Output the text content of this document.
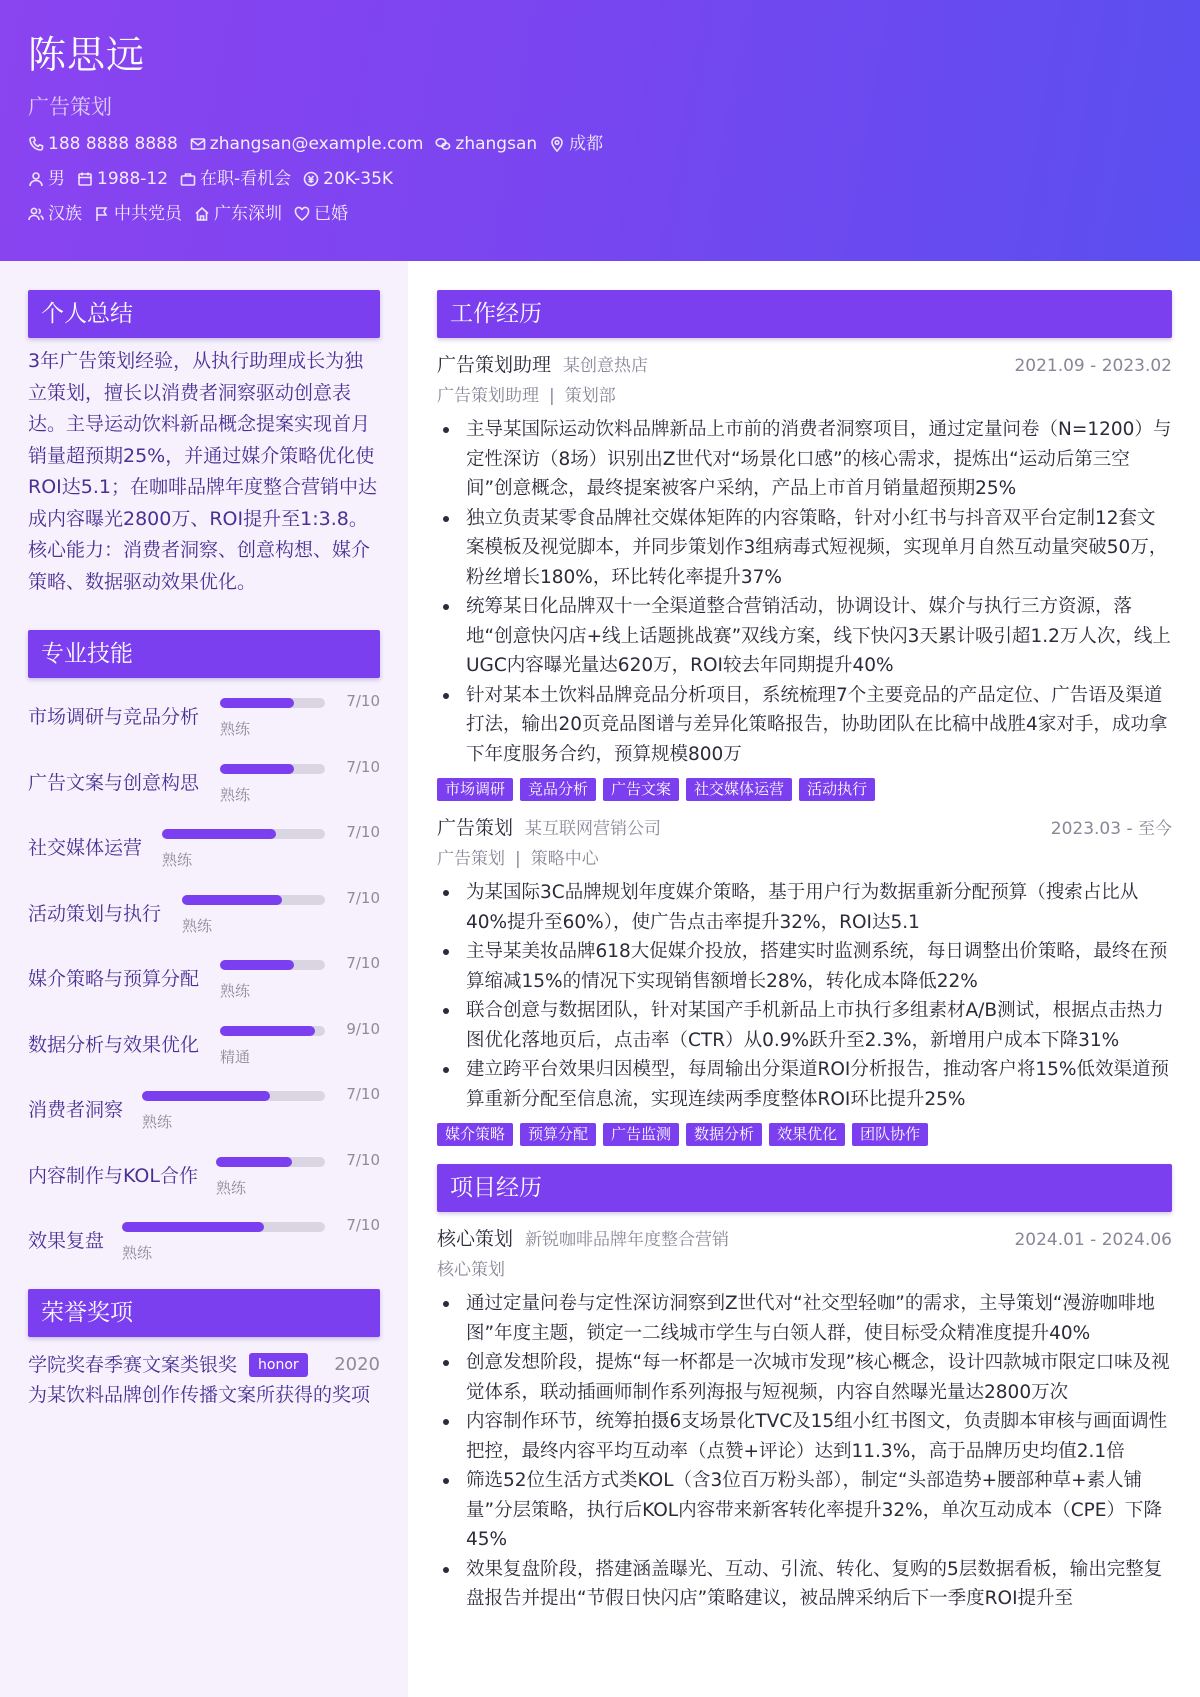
陈思远
广告策划
188 8888 8888 zhangsan@example.com zhangsan 成都
男 1988-12 在职-看机会 20K-35K
汉族 中共党员 广东深圳 已婚
个人总结
3年广告策划经验，从执行助理成长为独立策划，擅长以消费者洞察驱动创意表达。主导运动饮料新品概念提案实现首月销量超预期25%，并通过媒介策略优化使ROI达5.1；在咖啡品牌年度整合营销中达成内容曝光2800万、ROI提升至1:3.8。核心能力：消费者洞察、创意构想、媒介策略、数据驱动效果优化。
专业技能
市场调研与竞品分析
7/10
熟练
广告文案与创意构思
7/10
熟练
社交媒体运营
7/10
熟练
活动策划与执行
7/10
熟练
媒介策略与预算分配
7/10
熟练
数据分析与效果优化
9/10
精通
消费者洞察
7/10
熟练
内容制作与KOL合作
7/10
熟练
效果复盘
7/10
熟练
荣誉奖项
学院奖春季赛文案类银奖	honor	2020
为某饮料品牌创作传播文案所获得的奖项
工作经历
广告策划助理 某创意热店	2021.09 - 2023.02
广告策划助理 | 策划部
主导某国际运动饮料品牌新品上市前的消费者洞察项目，通过定量问卷（N=1200）与定性深访（8场）识别出Z世代对“场景化口感”的核心需求，提炼出“运动后第三空间”创意概念，最终提案被客户采纳，产品上市首月销量超预期25%
独立负责某零食品牌社交媒体矩阵的内容策略，针对小红书与抖音双平台定制12套文案模板及视觉脚本，并同步策划作3组病毒式短视频，实现单月自然互动量突破50万，粉丝增长180%，环比转化率提升37%
统筹某日化品牌双十一全渠道整合营销活动，协调设计、媒介与执行三方资源，落地“创意快闪店+线上话题挑战赛”双线方案，线下快闪3天累计吸引超1.2万人次，线上UGC内容曝光量达620万，ROI较去年同期提升40%
针对某本土饮料品牌竞品分析项目，系统梳理7个主要竞品的产品定位、广告语及渠道打法，输出20页竞品图谱与差异化策略报告，协助团队在比稿中战胜4家对手，成功拿下年度服务合约，预算规模800万
市场调研	竞品分析	广告文案	社交媒体运营	活动执行
广告策划 某互联网营销公司	2023.03 - 至今
广告策划 | 策略中心
为某国际3C品牌规划年度媒介策略，基于用户行为数据重新分配预算（搜索占比从40%提升至60%），使广告点击率提升32%，ROI达5.1
主导某美妆品牌618大促媒介投放，搭建实时监测系统，每日调整出价策略，最终在预算缩减15%的情况下实现销售额增长28%，转化成本降低22%
联合创意与数据团队，针对某国产手机新品上市执行多组素材A/B测试，根据点击热力图优化落地页后，点击率（CTR）从0.9%跃升至2.3%，新增用户成本下降31%
建立跨平台效果归因模型，每周输出分渠道ROI分析报告，推动客户将15%低效渠道预算重新分配至信息流，实现连续两季度整体ROI环比提升25%
媒介策略	预算分配	广告监测	数据分析	效果优化	团队协作
项目经历
核心策划 新锐咖啡品牌年度整合营销	2024.01 - 2024.06
核心策划
通过定量问卷与定性深访洞察到Z世代对“社交型轻咖”的需求，主导策划“漫游咖啡地图”年度主题，锁定一二线城市学生与白领人群，使目标受众精准度提升40%
创意发想阶段，提炼“每一杯都是一次城市发现”核心概念，设计四款城市限定口味及视觉体系，联动插画师制作系列海报与短视频，内容自然曝光量达2800万次
内容制作环节，统筹拍摄6支场景化TVC及15组小红书图文，负责脚本审核与画面调性把控，最终内容平均互动率（点赞+评论）达到11.3%，高于品牌历史均值2.1倍
筛选52位生活方式类KOL（含3位百万粉头部），制定“头部造势+腰部种草+素人铺量”分层策略，执行后KOL内容带来新客转化率提升32%，单次互动成本（CPE）下降45%
效果复盘阶段，搭建涵盖曝光、互动、引流、转化、复购的5层数据看板，输出完整复盘报告并提出“节假日快闪店”策略建议，被品牌采纳后下一季度ROI提升至
